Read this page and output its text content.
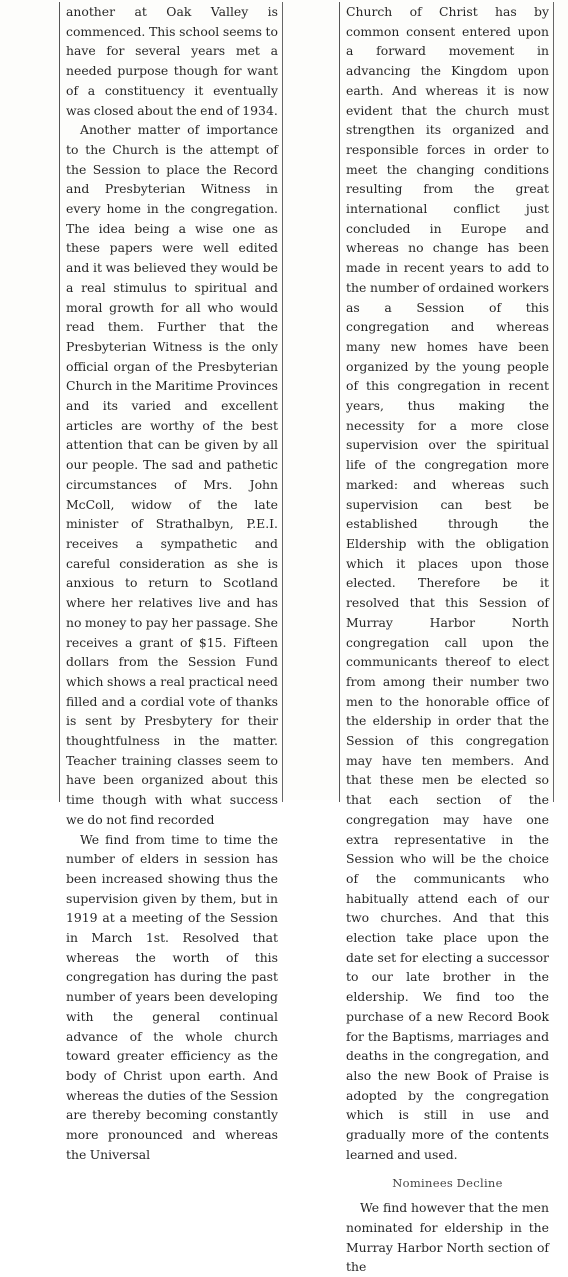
another at Oak Valley is commenced. This school seems to have for several years met a needed purpose though for want of a constituency it eventually was closed about the end of 1934.

Another matter of importance to the Church is the attempt of the Session to place the Record and Presbyterian Witness in every home in the congregation. The idea being a wise one as these papers were well edited and it was believed they would be a real stimulus to spiritual and moral growth for all who would read them. Further that the Presbyterian Witness is the only official organ of the Presbyterian Church in the Maritime Provinces and its varied and excellent articles are worthy of the best attention that can be given by all our people. The sad and pathetic circumstances of Mrs. John McColl, widow of the late minister of Strathalbyn, P.E.I. receives a sympathetic and careful consideration as she is anxious to return to Scotland where her relatives live and has no money to pay her passage. She receives a grant of $15. Fifteen dollars from the Session Fund which shows a real practical need filled and a cordial vote of thanks is sent by Presbytery for their thoughtfulness in the matter. Teacher training classes seem to have been organized about this time though with what success we do not find recorded

We find from time to time the number of elders in session has been increased showing thus the supervision given by them, but in 1919 at a meeting of the Session in March 1st. Resolved that whereas the worth of this congregation has during the past number of years been developing with the general continual advance of the whole church toward greater efficiency as the body of Christ upon earth. And whereas the duties of the Session are thereby becoming constantly more pronounced and whereas the Universal

Church of Christ has by common consent entered upon a forward movement in advancing the Kingdom upon earth. And whereas it is now evident that the church must strengthen its organized and responsible forces in order to meet the changing conditions resulting from the great international conflict just concluded in Europe and whereas no change has been made in recent years to add to the number of ordained workers as a Session of this congregation and whereas many new homes have been organized by the young people of this congregation in recent years, thus making the necessity for a more close supervision over the spiritual life of the congregation more marked: and whereas such supervision can best be established through the Eldership with the obligation which it places upon those elected. Therefore be it resolved that this Session of Murray Harbor North congregation call upon the communicants thereof to elect from among their number two men to the honorable office of the eldership in order that the Session of this congregation may have ten members. And that these men be elected so that each section of the congregation may have one extra representative in the Session who will be the choice of the communicants who habitually attend each of our two churches. And that this election take place upon the date set for electing a successor to our late brother in the eldership. We find too the purchase of a new Record Book for the Baptisms, marriages and deaths in the congregation, and also the new Book of Praise is adopted by the congregation which is still in use and gradually more of the contents learned and used.

Nominees Decline

We find however that the men nominated for eldership in the Murray Harbor North section of the
